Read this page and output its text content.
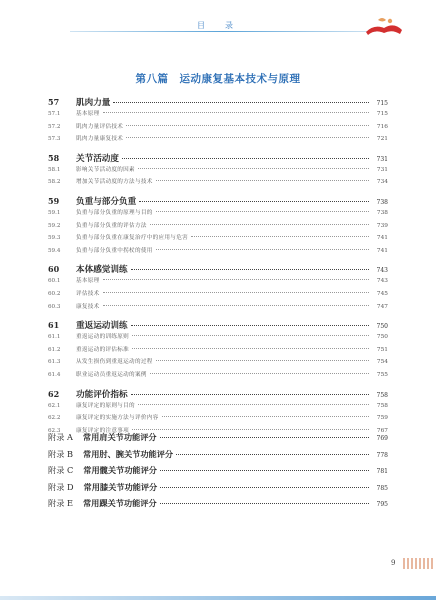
目　录
第八篇　运动康复基本技术与原理
57	肌肉力量	715
57.1	基本原理	715
57.2	肌肉力量评估技术	716
57.3	肌肉力量康复技术	721
58	关节活动度	731
58.1	影响关节活动度的因素	731
58.2	增加关节活动度的方法与技术	734
59	负重与部分负重	738
59.1	负重与部分负重的原理与目的	738
59.2	负重与部分负重的评估方法	739
59.3	负重与部分负重在康复治疗中的应用与危害	741
59.4	负重与部分负重中拐杖的使用	741
60	本体感觉训练	743
60.1	基本原理	743
60.2	评估技术	745
60.3	康复技术	747
61	重返运动训练	750
61.1	重返运动的训练原则	750
61.2	重返运动的评估标准	751
61.3	从发生损伤到重返运动的过程	754
61.4	职业运动员重返运动的案例	755
62	功能评价指标	758
62.1	康复评定的原则与目的	758
62.2	康复评定的实施方法与评价内容	759
62.3	康复评定的注意事项	767
附录 A 常用肩关节功能评分	769
附录 B 常用肘、腕关节功能评分	778
附录 C 常用髋关节功能评分	781
附录 D 常用膝关节功能评分	785
附录 E 常用踝关节功能评分	795
9
